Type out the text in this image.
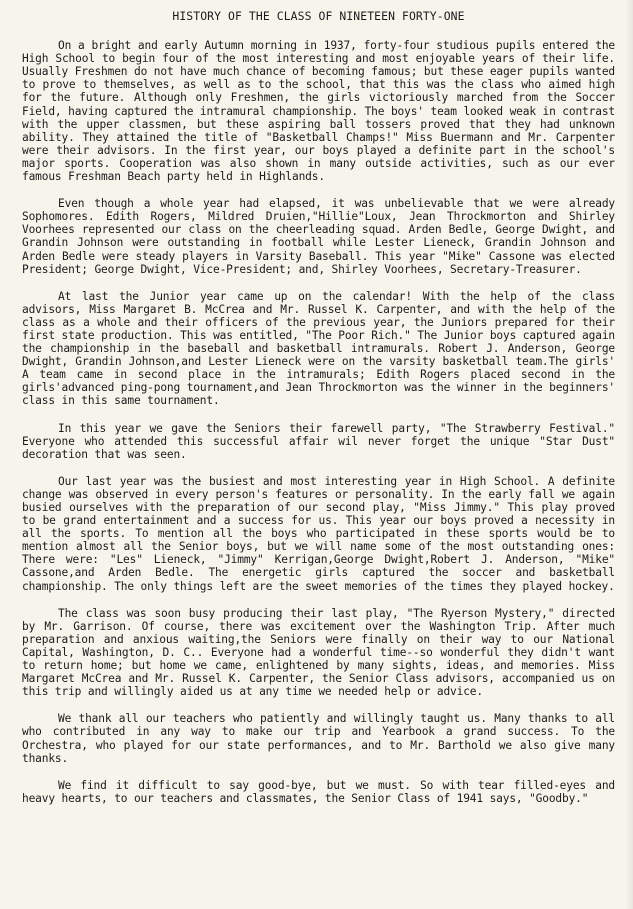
HISTORY OF THE CLASS OF NINETEEN FORTY-ONE

On a bright and early Autumn morning in 1937, forty-four studious pupils entered the High School to begin four of the most interesting and most enjoyable years of their life. Usually Freshmen do not have much chance of becoming famous; but these eager pupils wanted to prove to themselves, as well as to the school, that this was the class who aimed high for the future. Although only Freshmen, the girls victoriously marched from the Soccer Field, having captured the intramural championship. The boys' team looked weak in contrast with the upper classmen, but these aspiring ball tossers proved that they had unknown ability. They attained the title of "Basketball Champs!" Miss Buermann and Mr. Carpenter were their advisors. In the first year, our boys played a definite part in the school's major sports. Cooperation was also shown in many outside activities, such as our ever famous Freshman Beach party held in Highlands.

Even though a whole year had elapsed, it was unbelievable that we were already Sophomores. Edith Rogers, Mildred Druien,"Hillie"Loux, Jean Throckmorton and Shirley Voorhees represented our class on the cheerleading squad. Arden Bedle, George Dwight, and Grandin Johnson were outstanding in football while Lester Lieneck, Grandin Johnson and Arden Bedle were steady players in Varsity Baseball. This year "Mike" Cassone was elected President; George Dwight, Vice-President; and, Shirley Voorhees, Secretary-Treasurer.

At last the Junior year came up on the calendar! With the help of the class advisors, Miss Margaret B. McCrea and Mr. Russel K. Carpenter, and with the help of the class as a whole and their officers of the previous year, the Juniors prepared for their first state production. This was entitled, "The Poor Rich." The Junior boys captured again the championship in the baseball and basketball intramurals. Robert J. Anderson, George Dwight, Grandin Johnson,and Lester Lieneck were on the varsity basketball team.The girls' A team came in second place in the intramurals; Edith Rogers placed second in the girls'advanced ping-pong tournament,and Jean Throckmorton was the winner in the beginners' class in this same tournament.

In this year we gave the Seniors their farewell party, "The Strawberry Festival." Everyone who attended this successful affair wil never forget the unique "Star Dust" decoration that was seen.

Our last year was the busiest and most interesting year in High School. A definite change was observed in every person's features or personality. In the early fall we again busied ourselves with the preparation of our second play, "Miss Jimmy." This play proved to be grand entertainment and a success for us. This year our boys proved a necessity in all the sports. To mention all the boys who participated in these sports would be to mention almost all the Senior boys, but we will name some of the most outstanding ones: There were: "Les" Lieneck, "Jimmy" Kerrigan,George Dwight,Robert J. Anderson, "Mike" Cassone,and Arden Bedle. The energetic girls captured the soccer and basketball championship. The only things left are the sweet memories of the times they played hockey.

The class was soon busy producing their last play, "The Ryerson Mystery," directed by Mr. Garrison. Of course, there was excitement over the Washington Trip. After much preparation and anxious waiting,the Seniors were finally on their way to our National Capital, Washington, D. C.. Everyone had a wonderful time--so wonderful they didn't want to return home; but home we came, enlightened by many sights, ideas, and memories. Miss Margaret McCrea and Mr. Russel K. Carpenter, the Senior Class advisors, accompanied us on this trip and willingly aided us at any time we needed help or advice.

We thank all our teachers who patiently and willingly taught us. Many thanks to all who contributed in any way to make our trip and Yearbook a grand success. To the Orchestra, who played for our state performances, and to Mr. Barthold we also give many thanks.

We find it difficult to say good-bye, but we must. So with tear filled-eyes and heavy hearts, to our teachers and classmates, the Senior Class of 1941 says, "Goodby."
